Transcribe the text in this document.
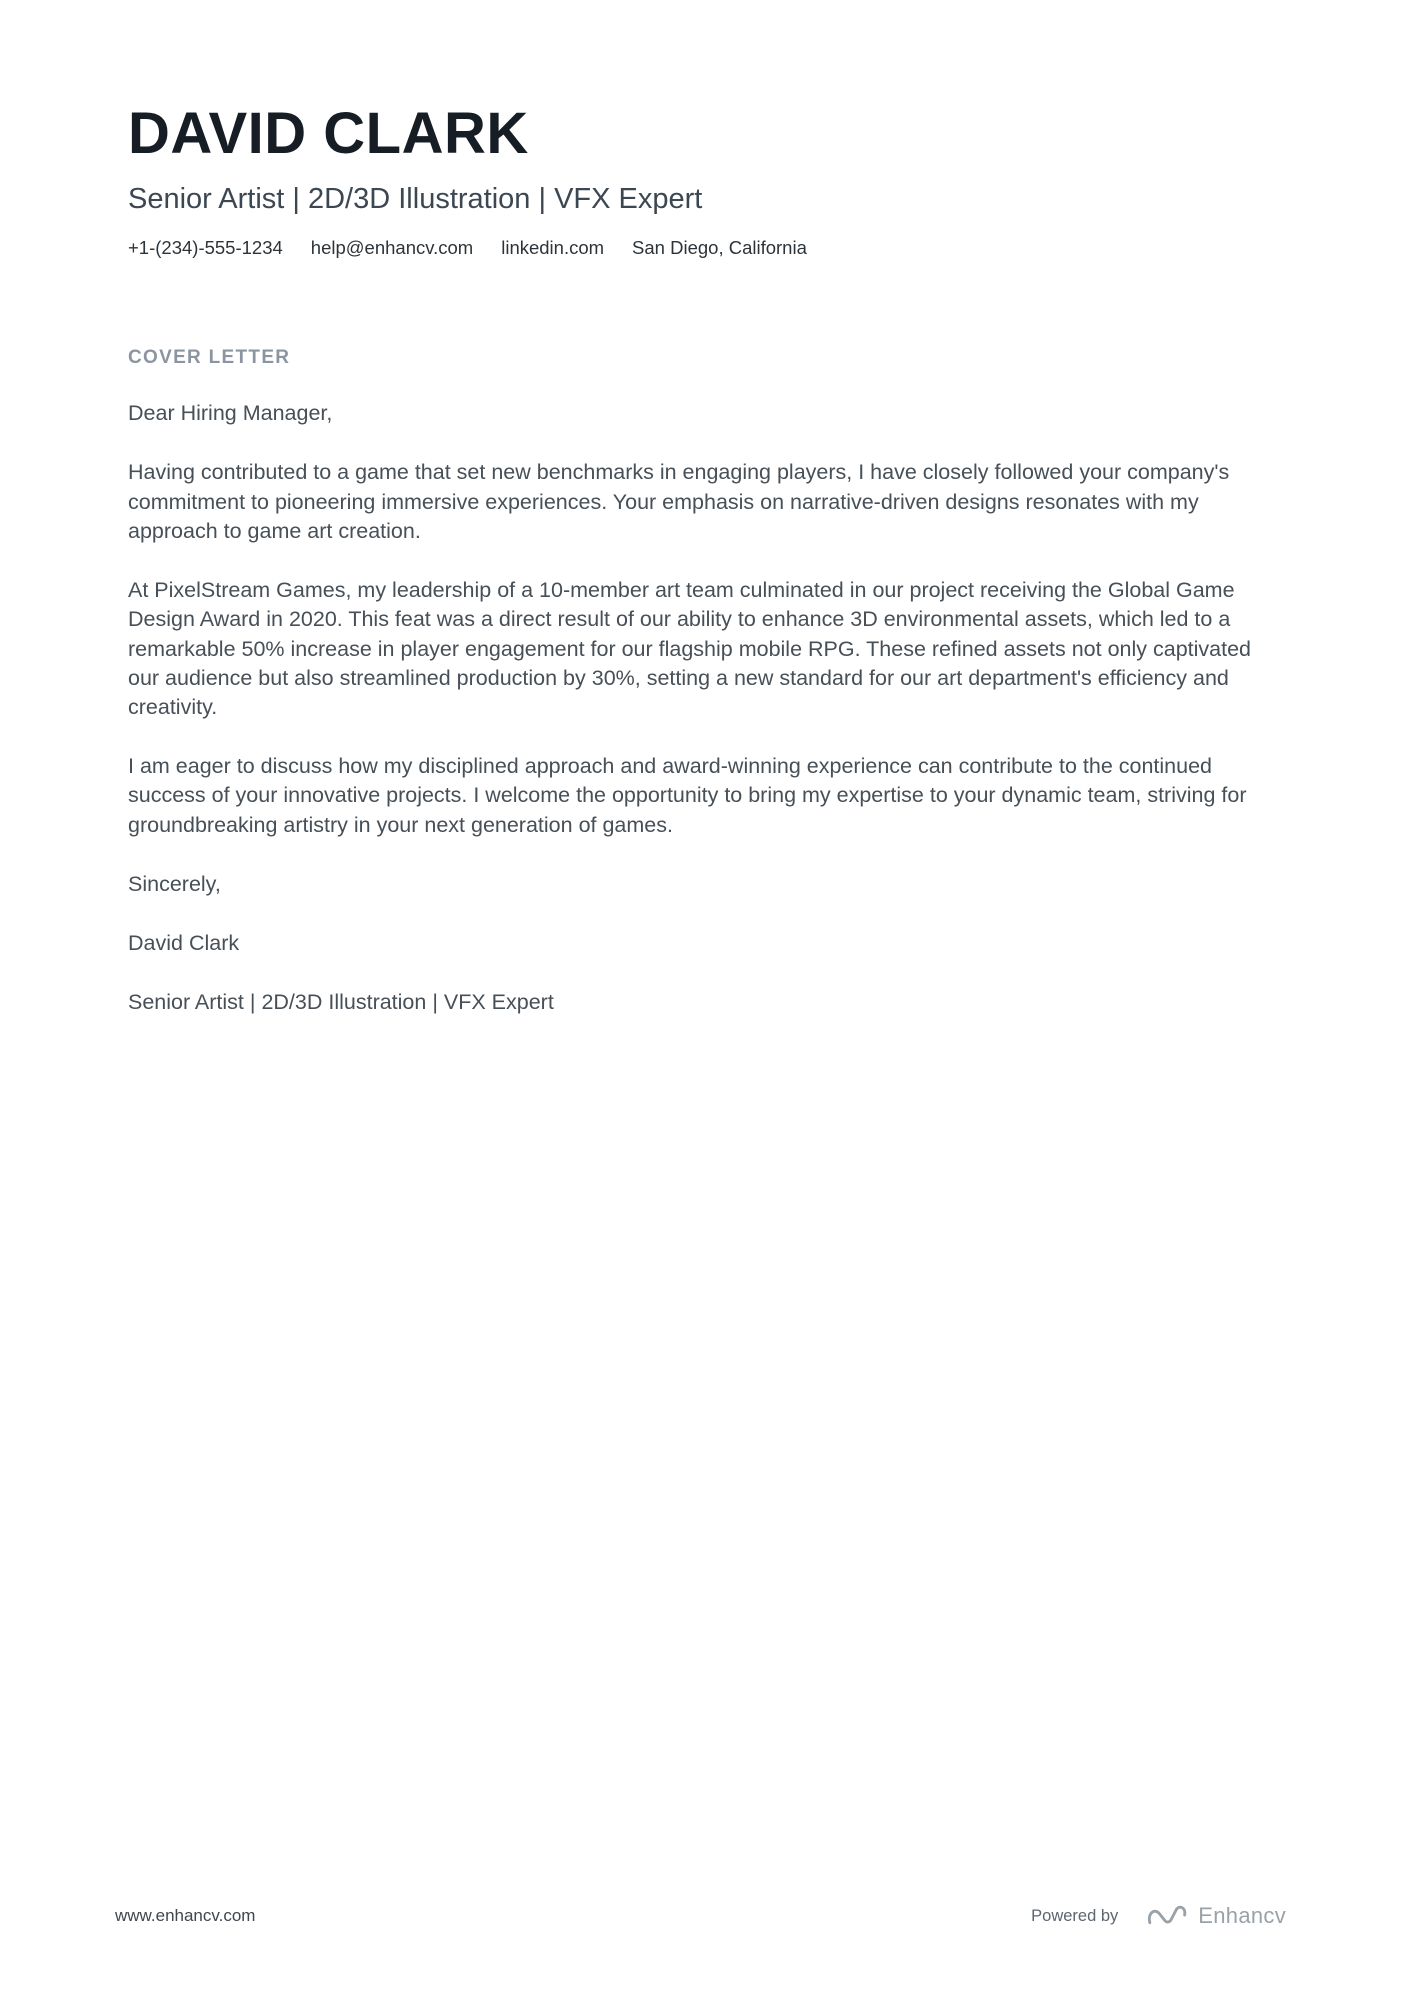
DAVID CLARK
Senior Artist | 2D/3D Illustration | VFX Expert
+1-(234)-555-1234 help@enhancv.com linkedin.com San Diego, California
COVER LETTER

Dear Hiring Manager,

Having contributed to a game that set new benchmarks in engaging players, I have closely followed your company's commitment to pioneering immersive experiences. Your emphasis on narrative-driven designs resonates with my approach to game art creation.

At PixelStream Games, my leadership of a 10-member art team culminated in our project receiving the Global Game Design Award in 2020. This feat was a direct result of our ability to enhance 3D environmental assets, which led to a remarkable 50% increase in player engagement for our flagship mobile RPG. These refined assets not only captivated our audience but also streamlined production by 30%, setting a new standard for our art department's efficiency and creativity.

I am eager to discuss how my disciplined approach and award-winning experience can contribute to the continued success of your innovative projects. I welcome the opportunity to bring my expertise to your dynamic team, striving for groundbreaking artistry in your next generation of games.

Sincerely,

David Clark

Senior Artist | 2D/3D Illustration | VFX Expert

www.enhancv.com	Powered by	Enhancv
